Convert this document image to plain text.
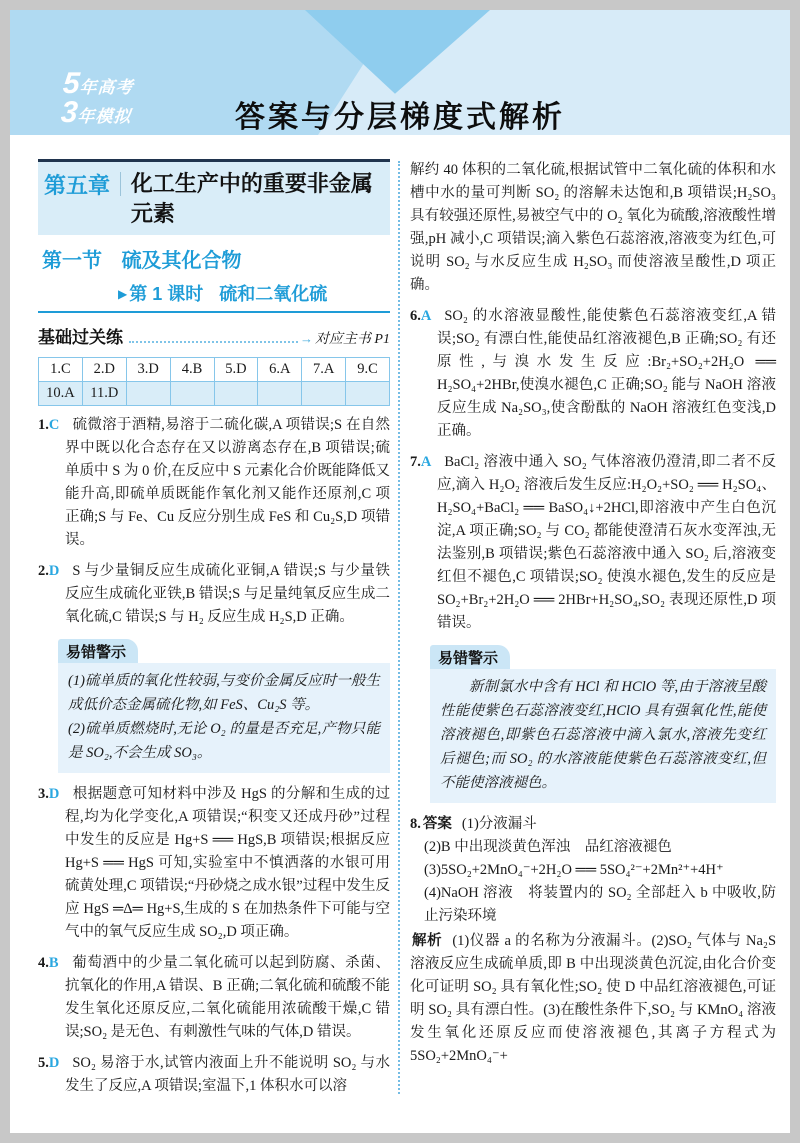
5年高考
3年模拟	答案与分层梯度式解析
第五章 化工生产中的重要非金属元素
第一节 硫及其化合物
▶ 第 1 课时 硫和二氧化硫
基础过关练	→ 对应主书 P1
1.C	2.D	3.D	4.B	5.D	6.A	7.A	9.C
10.A	11.D						

1.C 硫微溶于酒精,易溶于二硫化碳,A 项错误;S 在自然界中既以化合态存在又以游离态存在,B 项错误;硫单质中 S 为 0 价,在反应中 S 元素化合价既能降低又能升高,即硫单质既能作氧化剂又能作还原剂,C 项正确;S 与 Fe、Cu 反应分别生成 FeS 和 Cu₂S,D 项错误。

2.D S 与少量铜反应生成硫化亚铜,A 错误;S 与少量铁反应生成硫化亚铁,B 错误;S 与足量纯氧反应生成二氧化硫,C 错误;S 与 H₂ 反应生成 H₂S,D 正确。

易错警示

(1)硫单质的氧化性较弱,与变价金属反应时一般生成低价态金属硫化物,如 FeS、Cu₂S 等。

(2)硫单质燃烧时,无论 O₂ 的量是否充足,产物只能是 SO₂,不会生成 SO₃。

3.D 根据题意可知材料中涉及 HgS 的分解和生成的过程,均为化学变化,A 项错误;“积变又还成丹砂”过程中发生的反应是 Hg+S ══ HgS,B 项错误;根据反应 Hg+S ══ HgS 可知,实验室中不慎洒落的水银可用硫黄处理,C 项错误;“丹砂烧之成水银”过程中发生反应 HgS ═Δ═ Hg+S,生成的 S 在加热条件下可能与空气中的氧气反应生成 SO₂,D 项正确。

4.B 葡萄酒中的少量二氧化硫可以起到防腐、杀菌、抗氧化的作用,A 错误、B 正确;二氧化硫和硫酸不能发生氧化还原反应,二氧化硫能用浓硫酸干燥,C 错误;SO₂ 是无色、有刺激性气味的气体,D 错误。

5.D SO₂ 易溶于水,试管内液面上升不能说明 SO₂ 与水发生了反应,A 项错误;室温下,1 体积水可以溶

解约 40 体积的二氧化硫,根据试管中二氧化硫的体积和水槽中水的量可判断 SO₂ 的溶解未达饱和,B 项错误;H₂SO₃ 具有较强还原性,易被空气中的 O₂ 氧化为硫酸,溶液酸性增强,pH 减小,C 项错误;滴入紫色石蕊溶液,溶液变为红色,可说明 SO₂ 与水反应生成 H₂SO₃ 而使溶液呈酸性,D 项正确。

6.A SO₂ 的水溶液显酸性,能使紫色石蕊溶液变红,A 错误;SO₂ 有漂白性,能使品红溶液褪色,B 正确;SO₂ 有还原性,与溴水发生反应:Br₂+SO₂+2H₂O ══ H₂SO₄+2HBr,使溴水褪色,C 正确;SO₂ 能与 NaOH 溶液反应生成 Na₂SO₃,使含酚酞的 NaOH 溶液红色变浅,D 正确。

7.A BaCl₂ 溶液中通入 SO₂ 气体溶液仍澄清,即二者不反应,滴入 H₂O₂ 溶液后发生反应:H₂O₂+SO₂ ══ H₂SO₄、H₂SO₄+BaCl₂ ══ BaSO₄↓+2HCl,即溶液中产生白色沉淀,A 项正确;SO₂ 与 CO₂ 都能使澄清石灰水变浑浊,无法鉴别,B 项错误;紫色石蕊溶液中通入 SO₂ 后,溶液变红但不褪色,C 项错误;SO₂ 使溴水褪色,发生的反应是 SO₂+Br₂+2H₂O ══ 2HBr+H₂SO₄,SO₂ 表现还原性,D 项错误。

易错警示

新制氯水中含有 HCl 和 HClO 等,由于溶液呈酸性能使紫色石蕊溶液变红,HClO 具有强氧化性,能使溶液褪色,即紫色石蕊溶液中滴入氯水,溶液先变红后褪色;而 SO₂ 的水溶液能使紫色石蕊溶液变红,但不能使溶液褪色。

8. 答案 (1)分液漏斗
(2)B 中出现淡黄色浑浊　品红溶液褪色
(3)5SO₂+2MnO₄⁻+2H₂O ══ 5SO₄²⁻+2Mn²⁺+4H⁺
(4)NaOH 溶液　将装置内的 SO₂ 全部赶入 b 中吸收,防止污染环境

解析 (1)仪器 a 的名称为分液漏斗。(2)SO₂ 气体与 Na₂S 溶液反应生成硫单质,即 B 中出现淡黄色沉淀,由化合价变化可证明 SO₂ 具有氧化性;SO₂ 使 D 中品红溶液褪色,可证明 SO₂ 具有漂白性。(3)在酸性条件下,SO₂ 与 KMnO₄ 溶液发生氧化还原反应而使溶液褪色,其离子方程式为 5SO₂+2MnO₄⁻+
